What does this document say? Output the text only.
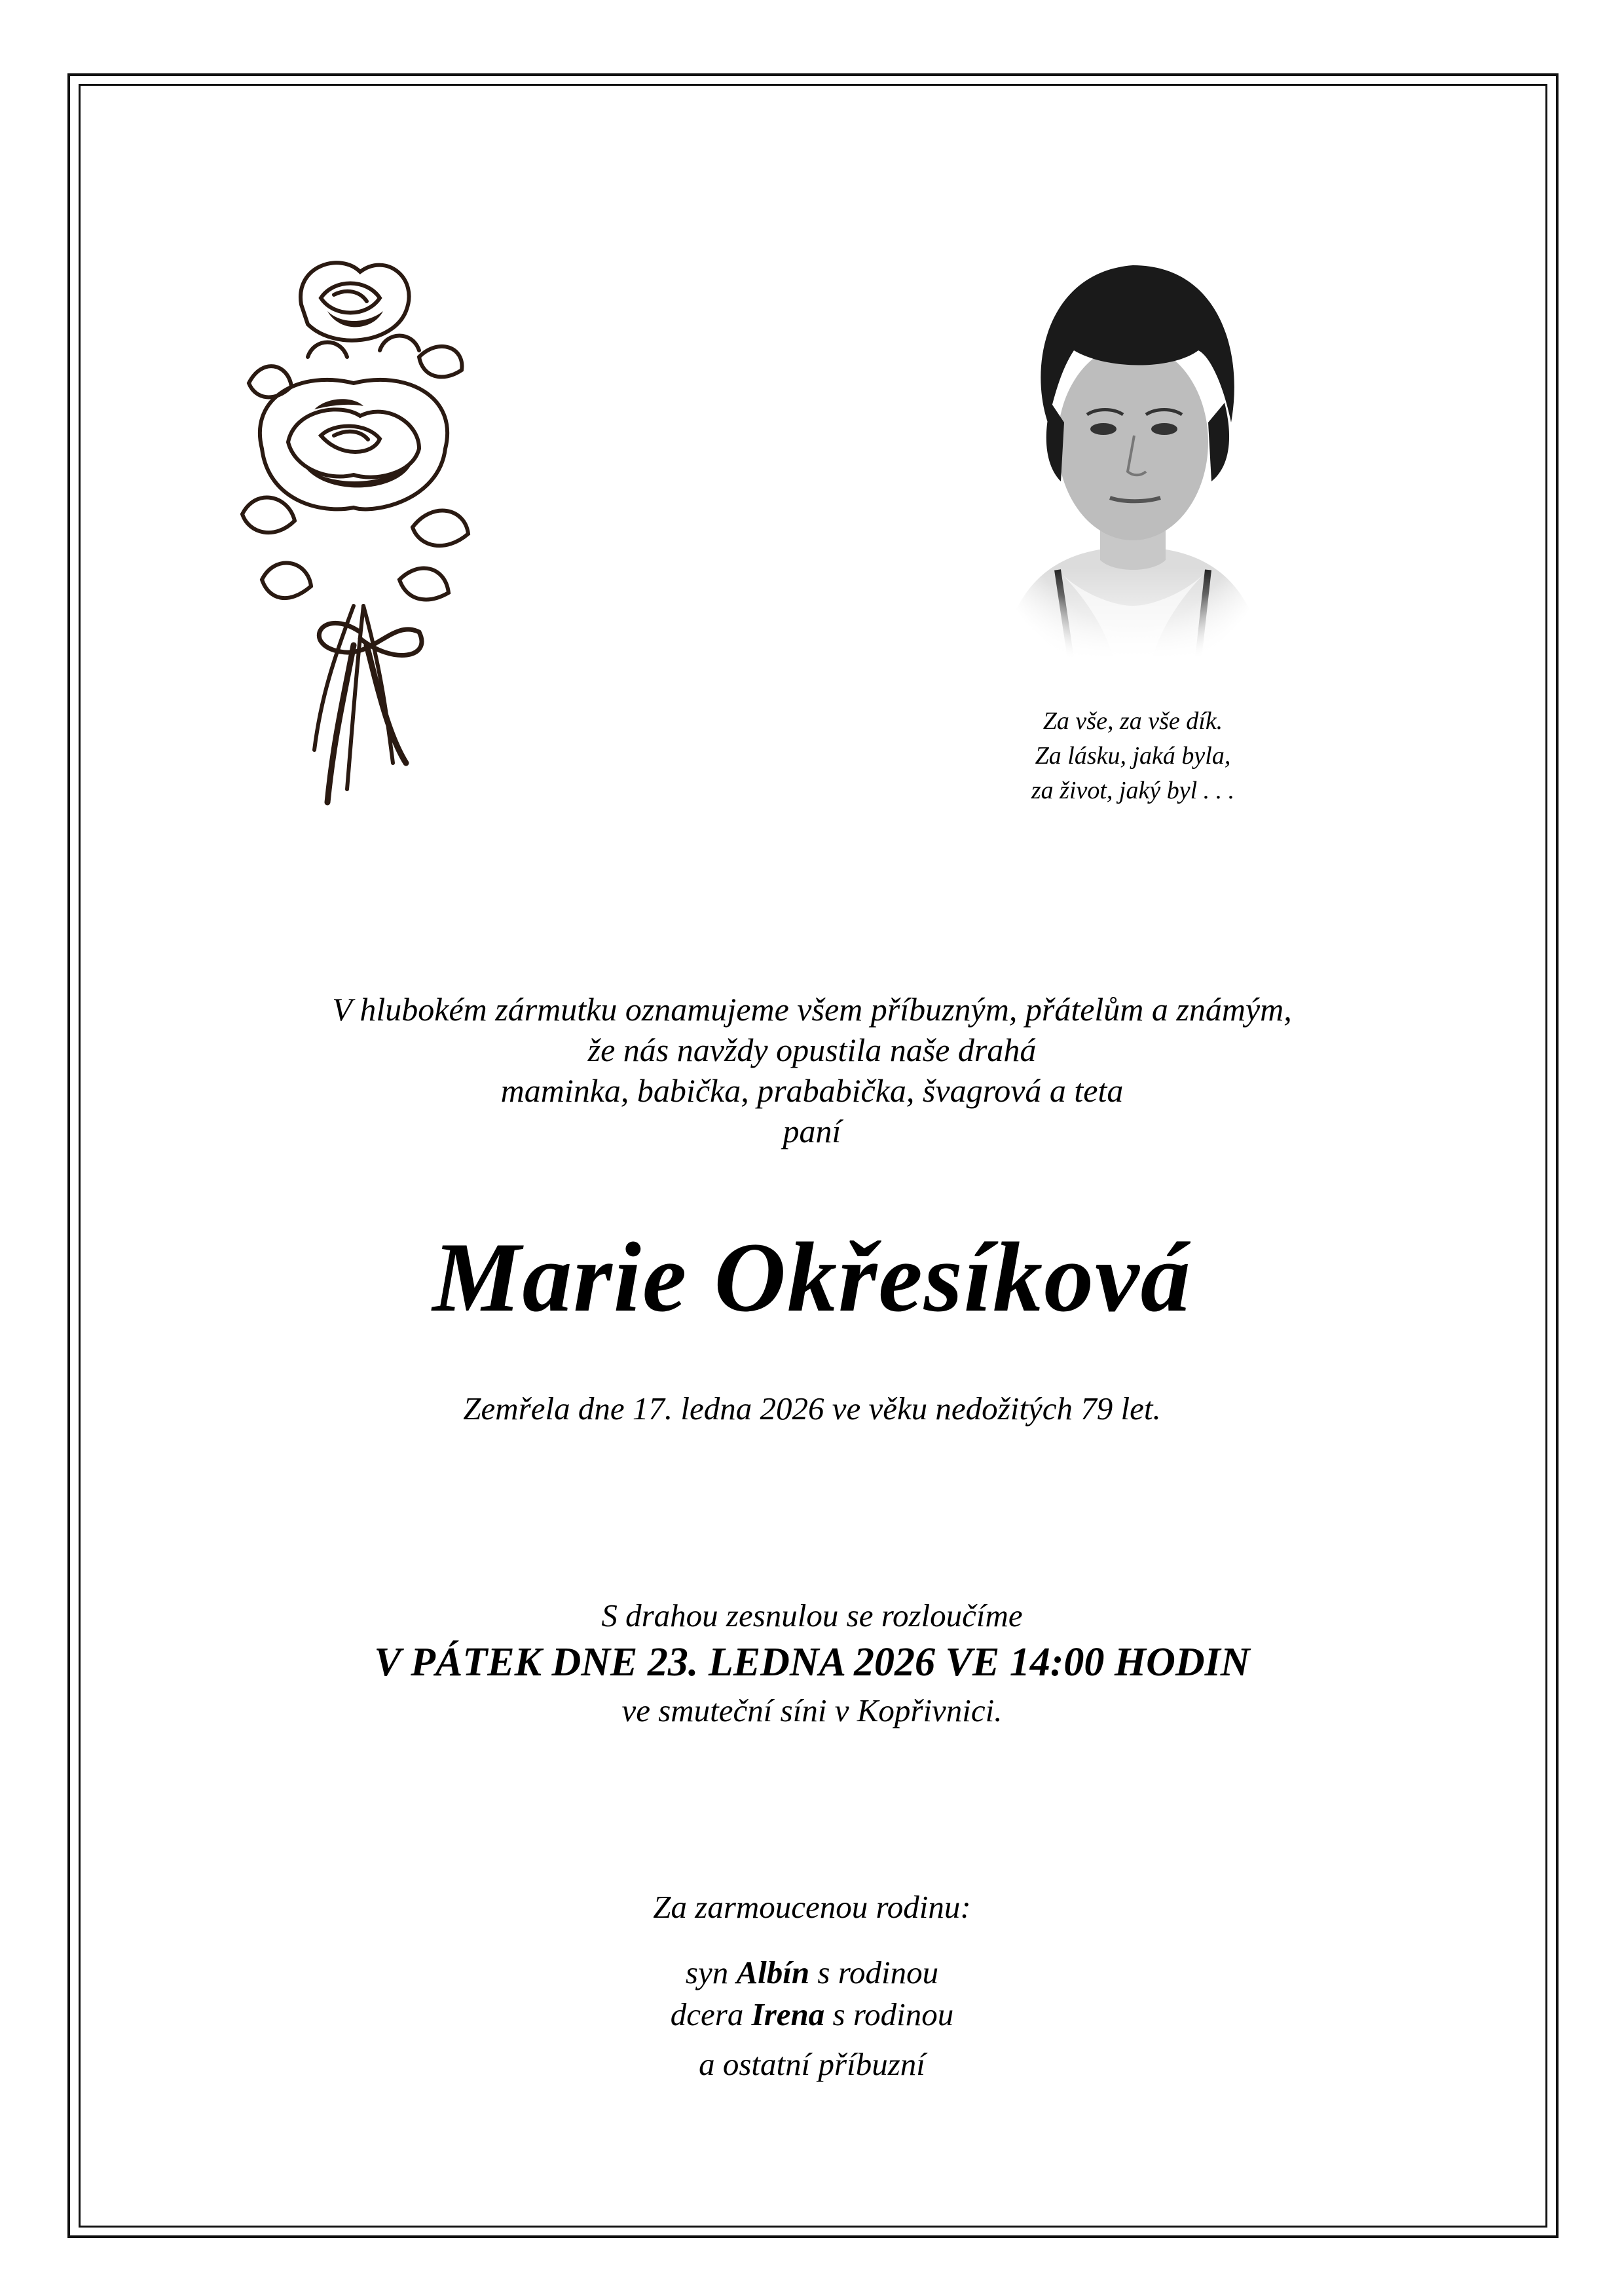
Za vše, za vše dík.
Za lásku, jaká byla,
za život, jaký byl . . .
V hlubokém zármutku oznamujeme všem příbuzným, přátelům a známým,
že nás navždy opustila naše drahá
maminka, babička, prababička, švagrová a teta
paní
Marie Okřesíková
Zemřela dne 17. ledna 2026 ve věku nedožitých 79 let.
S drahou zesnulou se rozloučíme
V PÁTEK DNE 23. LEDNA 2026 VE 14:00 HODIN
ve smuteční síni v Kopřivnici.
Za zarmoucenou rodinu:
syn Albín s rodinou
dcera Irena s rodinou
a ostatní příbuzní
